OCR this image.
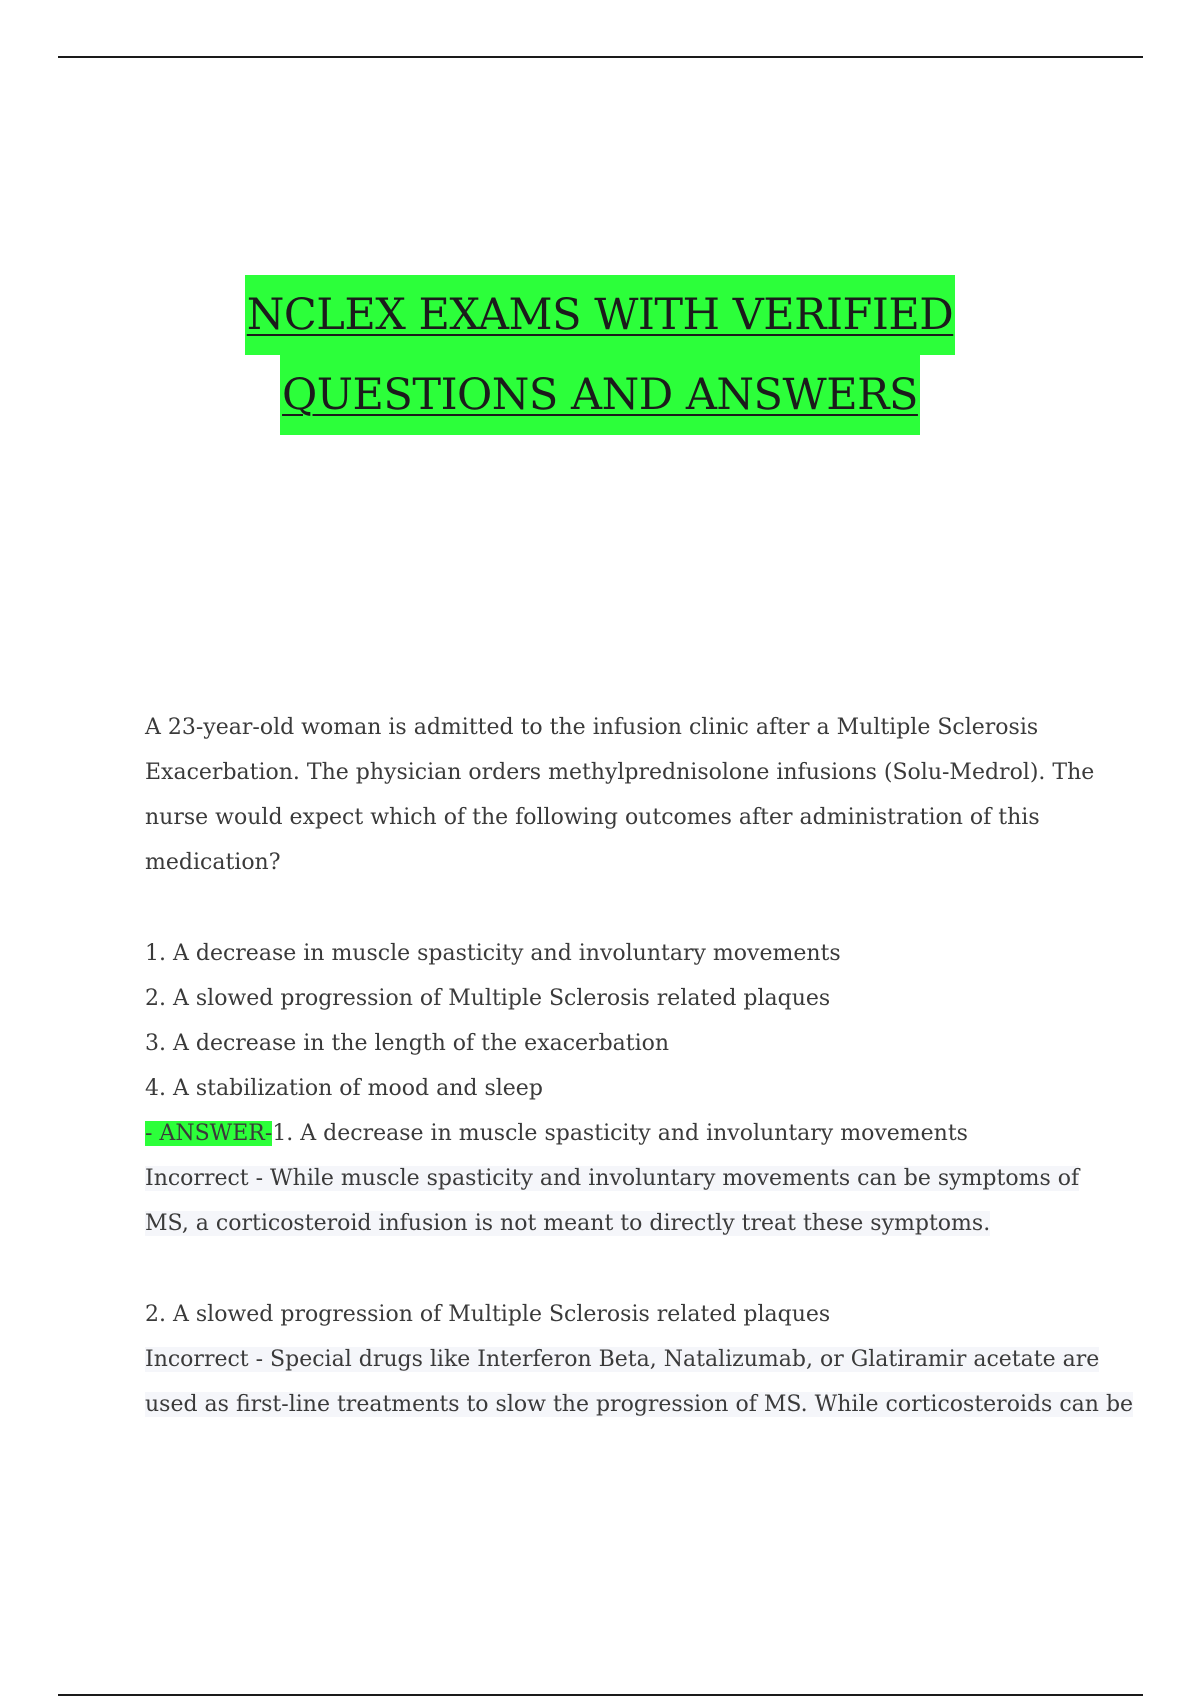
NCLEX EXAMS WITH VERIFIED
QUESTIONS AND ANSWERS
A 23-year-old woman is admitted to the infusion clinic after a Multiple Sclerosis
Exacerbation. The physician orders methylprednisolone infusions (Solu-Medrol). The
nurse would expect which of the following outcomes after administration of this
medication?
1. A decrease in muscle spasticity and involuntary movements
2. A slowed progression of Multiple Sclerosis related plaques
3. A decrease in the length of the exacerbation
4. A stabilization of mood and sleep
- ANSWER-1. A decrease in muscle spasticity and involuntary movements
Incorrect - While muscle spasticity and involuntary movements can be symptoms of
MS, a corticosteroid infusion is not meant to directly treat these symptoms.
2. A slowed progression of Multiple Sclerosis related plaques
Incorrect - Special drugs like Interferon Beta, Natalizumab, or Glatiramir acetate are
used as first-line treatments to slow the progression of MS. While corticosteroids can be
